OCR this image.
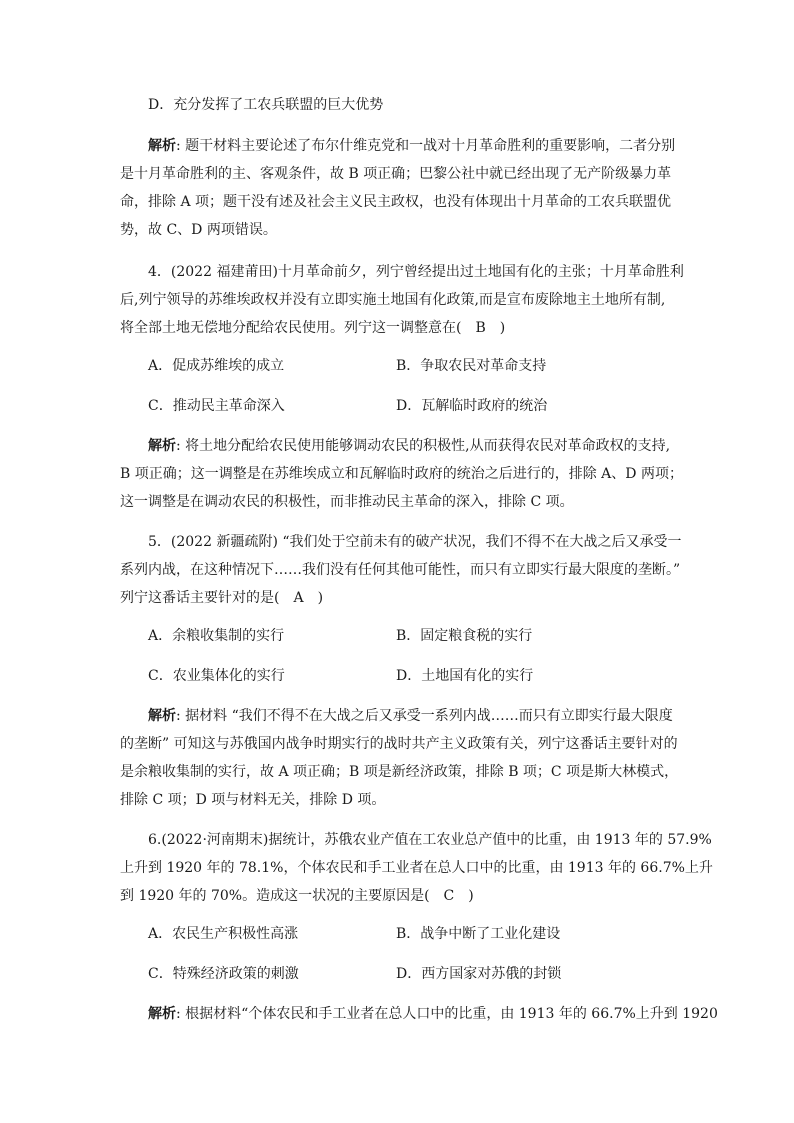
D．充分发挥了工农兵联盟的巨大优势
解析: 题干材料主要论述了布尔什维克党和一战对十月革命胜利的重要影响，二者分别
是十月革命胜利的主、客观条件，故 B 项正确；巴黎公社中就已经出现了无产阶级暴力革
命，排除 A 项；题干没有述及社会主义民主政权，也没有体现出十月革命的工农兵联盟优
势，故 C、D 两项错误。
4．(2022 福建莆田)十月革命前夕，列宁曾经提出过土地国有化的主张；十月革命胜利
后,列宁领导的苏维埃政权并没有立即实施土地国有化政策,而是宣布废除地主土地所有制,
将全部土地无偿地分配给农民使用。列宁这一调整意在(　B　)
A．促成苏维埃的成立	B．争取农民对革命支持
C．推动民主革命深入	D．瓦解临时政府的统治
解析: 将土地分配给农民使用能够调动农民的积极性,从而获得农民对革命政权的支持,
B 项正确；这一调整是在苏维埃成立和瓦解临时政府的统治之后进行的，排除 A、D 两项；
这一调整是在调动农民的积极性，而非推动民主革命的深入，排除 C 项。
5．(2022 新疆疏附) “我们处于空前未有的破产状况，我们不得不在大战之后又承受一
系列内战，在这种情况下……我们没有任何其他可能性，而只有立即实行最大限度的垄断。”
列宁这番话主要针对的是(　A　)
A．余粮收集制的实行	B．固定粮食税的实行
C．农业集体化的实行	D．土地国有化的实行
解析: 据材料 “我们不得不在大战之后又承受一系列内战……而只有立即实行最大限度
的垄断” 可知这与苏俄国内战争时期实行的战时共产主义政策有关，列宁这番话主要针对的
是余粮收集制的实行，故 A 项正确；B 项是新经济政策，排除 B 项；C 项是斯大林模式，
排除 C 项；D 项与材料无关，排除 D 项。
6.(2022·河南期末)据统计，苏俄农业产值在工农业总产值中的比重，由 1913 年的 57.9%
上升到 1920 年的 78.1%，个体农民和手工业者在总人口中的比重，由 1913 年的 66.7%上升
到 1920 年的 70%。造成这一状况的主要原因是(　C　)
A．农民生产积极性高涨	B．战争中断了工业化建设
C．特殊经济政策的刺激	D．西方国家对苏俄的封锁
解析: 根据材料“个体农民和手工业者在总人口中的比重，由 1913 年的 66.7%上升到 1920
